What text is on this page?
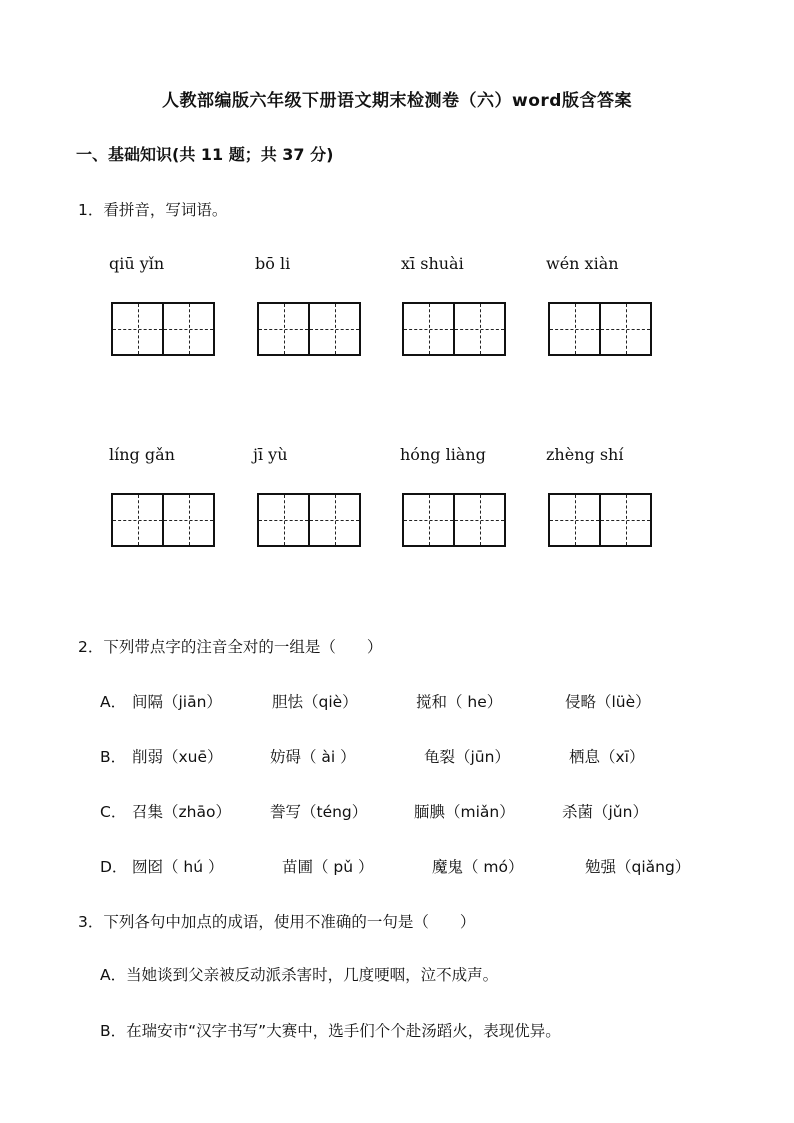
人教部编版六年级下册语文期末检测卷（六）word版含答案
一、基础知识(共 11 题；共 37 分)
1．看拼音，写词语。
qiū yǐn	bō li	xī shuài	wén xiàn
líng gǎn	jī yù	hóng liàng	zhèng shí
2．下列带点字的注音全对的一组是（　　）
A． 间隔（jiān）	胆怯（qiè）	搅和（ he）	侵略（lüè）
B． 削弱（xuē）	妨碍（ ài ）	龟裂（jūn）	栖息（xī）
C． 召集（zhāo）	誊写（téng）	腼腆（miǎn）	杀菌（jǔn）
D． 囫囵（ hú ）	苗圃（ pǔ ）	魔鬼（ mó）	勉强（qiǎng）
3．下列各句中加点的成语，使用不准确的一句是（　　）
A．当她谈到父亲被反动派杀害时，几度哽咽，泣不成声。
B．在瑞安市“汉字书写”大赛中，选手们个个赴汤蹈火，表现优异。
